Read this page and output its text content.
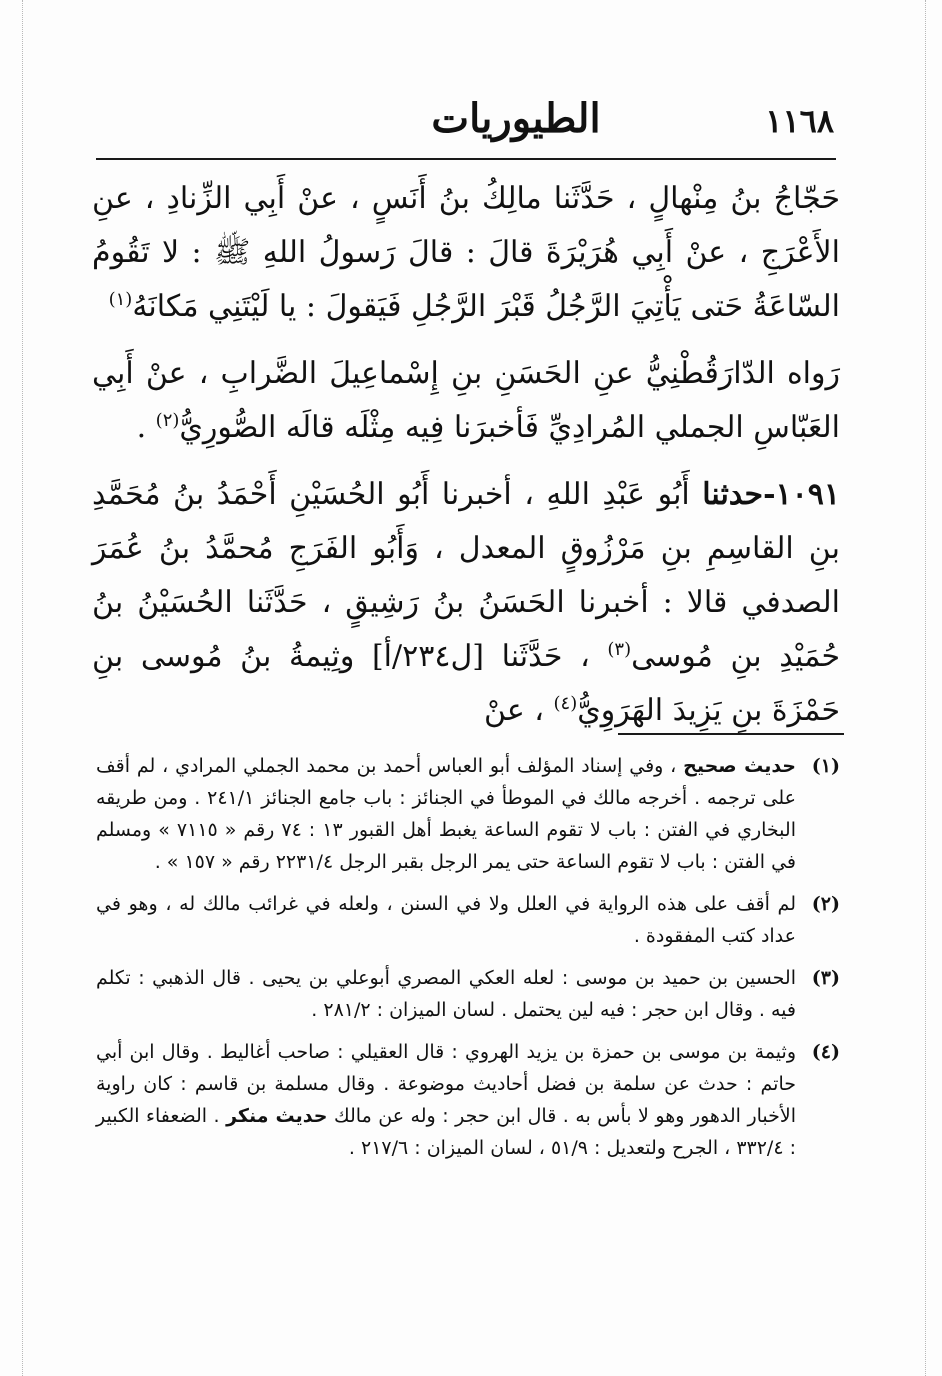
الطيوريات	١١٦٨

حَجّاجُ بنُ مِنْهالٍ ، حَدَّثَنا مالِكُ بنُ أَنَسٍ ، عنْ أَبِي الزِّنادِ ، عنِ الأَعْرَجِ ، عنْ أَبِي هُرَيْرَةَ قالَ : قالَ رَسولُ اللهِ ﷺ : لا تَقُومُ السّاعَةُ حَتى يَأْتِيَ الرَّجُلُ قَبْرَ الرَّجُلِ فَيَقولَ : يا لَيْتَنِي مَكانَهُ$^{(١)}$

رَواه الدّارَقُطْنِيُّ عنِ الحَسَنِ بنِ إِسْماعِيلَ الضَّرابِ ، عنْ أَبِي العَبّاسِ الجملي المُرادِيِّ فَأخبرَنا فِيه مِثْلَه قالَه الصُّورِيُّ$^{(٢)}$ .

١٠٩١-حدثنا أَبُو عَبْدِ اللهِ ، أخبرنا أَبُو الحُسَيْنِ أَحْمَدُ بنُ مُحَمَّدِ بنِ القاسِمِ بنِ مَرْزُوقٍ المعدل ، وَأَبُو الفَرَجِ مُحمَّدُ بنُ عُمَرَ الصدفي قالا : أخبرنا الحَسَنُ بنُ رَشِيقٍ ، حَدَّثَنا الحُسَيْنُ بنُ حُمَيْدِ بنِ مُوسى$^{(٣)}$ ، حَدَّثَنا [ل٢٣٤/أ] وثِيمةُ بنُ مُوسى بنِ حَمْزَةَ بنِ يَزِيدَ الهَرَوِيُّ$^{(٤)}$ ، عنْ

(١)
حديث صحيح ، وفي إسناد المؤلف أبو العباس أحمد بن محمد الجملي المرادي ، لم أقف على ترجمه . أخرجه مالك في الموطأ في الجنائز : باب جامع الجنائز ٢٤١/١ . ومن طريقه البخاري في الفتن : باب لا تقوم الساعة يغبط أهل القبور ١٣ : ٧٤ رقم « ٧١١٥ » ومسلم في الفتن : باب لا تقوم الساعة حتى يمر الرجل بقبر الرجل ٢٢٣١/٤ رقم « ١٥٧ » .
(٢)
لم أقف على هذه الرواية في العلل ولا في السنن ، ولعله في غرائب مالك له ، وهو في عداد كتب المفقودة .
(٣)
الحسين بن حميد بن موسى : لعله العكي المصري أبوعلي بن يحيى . قال الذهبي : تكلم فيه . وقال ابن حجر : فيه لين يحتمل . لسان الميزان : ٢٨١/٢ .
(٤)
وثيمة بن موسى بن حمزة بن يزيد الهروي : قال العقيلي : صاحب أغاليط . وقال ابن أبي حاتم : حدث عن سلمة بن فضل أحاديث موضوعة . وقال مسلمة بن قاسم : كان راوية الأخبار الدهور وهو لا بأس به . قال ابن حجر : وله عن مالك حديث منكر . الضعفاء الكبير : ٣٣٢/٤ ، الجرح ولتعديل : ٥١/٩ ، لسان الميزان : ٢١٧/٦ .
